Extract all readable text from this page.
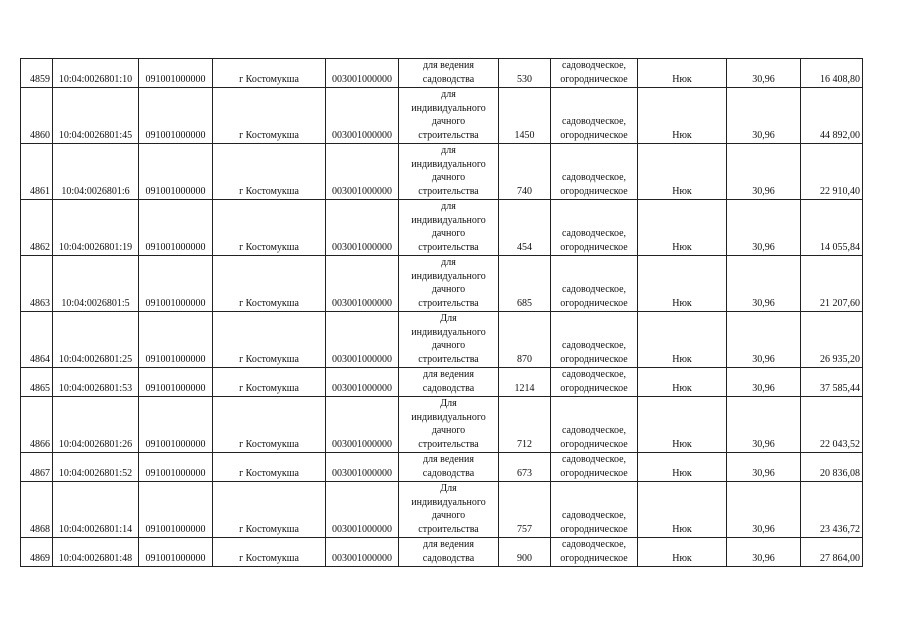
4859	10:04:0026801:10	091001000000	г Костомукша	003001000000	для ведения
садоводства	530	садоводческое,
огородническое	Нюк	30,96	16 408,80
4860	10:04:0026801:45	091001000000	г Костомукша	003001000000	для
индивидуального
дачного
строительства	1450	садоводческое,
огородническое	Нюк	30,96	44 892,00
4861	10:04:0026801:6	091001000000	г Костомукша	003001000000	для
индивидуального
дачного
строительства	740	садоводческое,
огородническое	Нюк	30,96	22 910,40
4862	10:04:0026801:19	091001000000	г Костомукша	003001000000	для
индивидуального
дачного
строительства	454	садоводческое,
огородническое	Нюк	30,96	14 055,84
4863	10:04:0026801:5	091001000000	г Костомукша	003001000000	для
индивидуального
дачного
строительства	685	садоводческое,
огородническое	Нюк	30,96	21 207,60
4864	10:04:0026801:25	091001000000	г Костомукша	003001000000	Для
индивидуального
дачного
строительства	870	садоводческое,
огородническое	Нюк	30,96	26 935,20
4865	10:04:0026801:53	091001000000	г Костомукша	003001000000	для ведения
садоводства	1214	садоводческое,
огородническое	Нюк	30,96	37 585,44
4866	10:04:0026801:26	091001000000	г Костомукша	003001000000	Для
индивидуального
дачного
строительства	712	садоводческое,
огородническое	Нюк	30,96	22 043,52
4867	10:04:0026801:52	091001000000	г Костомукша	003001000000	для ведения
садоводства	673	садоводческое,
огородническое	Нюк	30,96	20 836,08
4868	10:04:0026801:14	091001000000	г Костомукша	003001000000	Для
индивидуального
дачного
строительства	757	садоводческое,
огородническое	Нюк	30,96	23 436,72
4869	10:04:0026801:48	091001000000	г Костомукша	003001000000	для ведения
садоводства	900	садоводческое,
огородническое	Нюк	30,96	27 864,00
